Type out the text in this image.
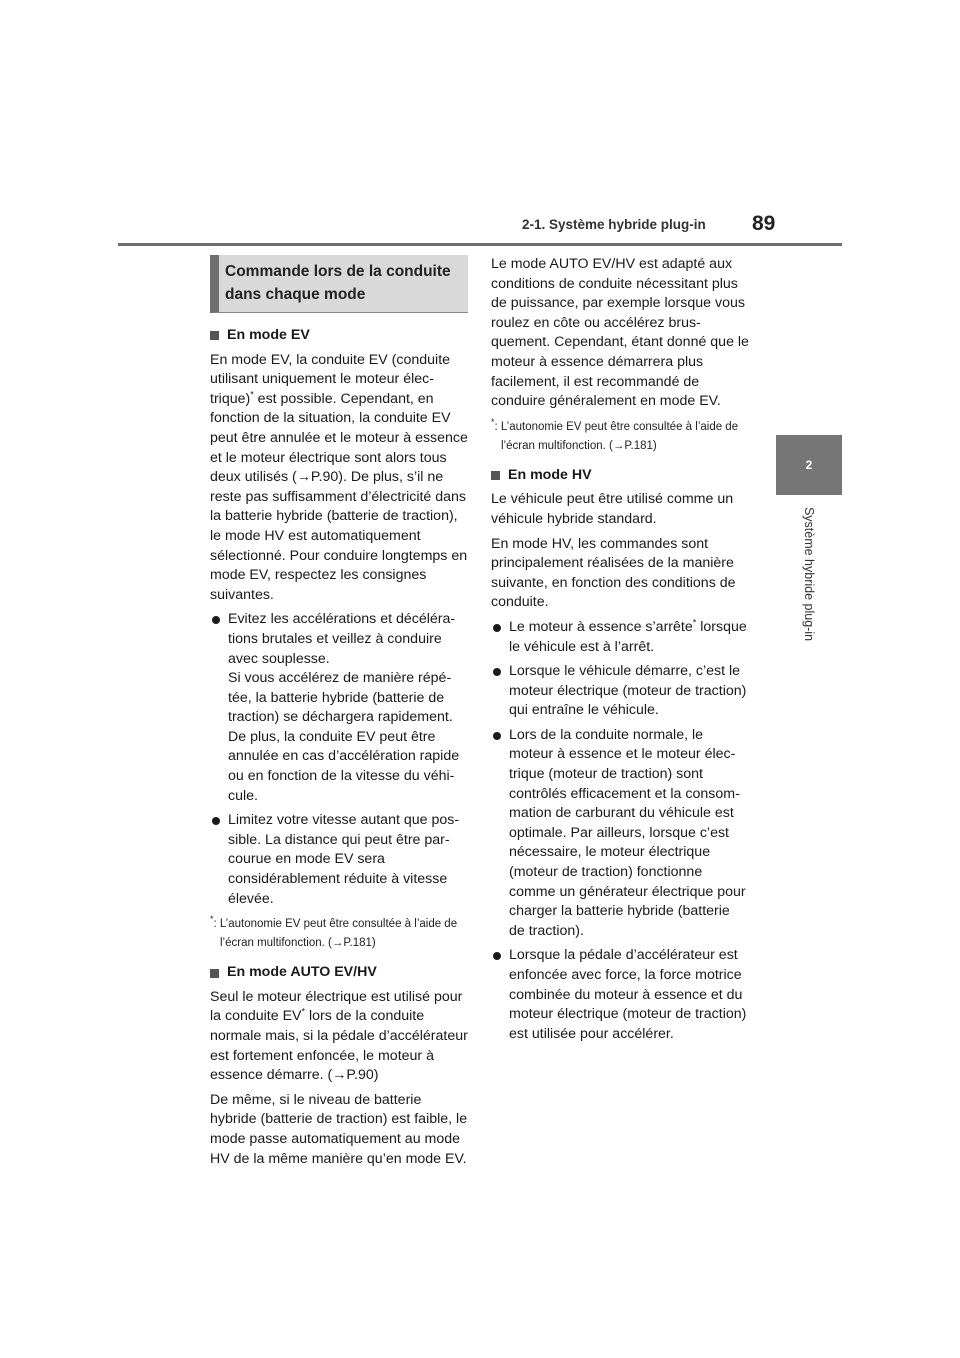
2-1. Système hybride plug-in 89
2
Système hybride plug-in
Commande lors de la conduite
dans chaque mode
En mode EV
En mode EV, la conduite EV (conduite utilisant uniquement le moteur électrique)* est possible. Cependant, en fonction de la situation, la conduite EV peut être annulée et le moteur à essence et le moteur électrique sont alors tous deux utilisés (→P.90). De plus, s’il ne reste pas suffisamment d’électricité dans la batterie hybride (batterie de traction), le mode HV est automatiquement sélectionné. Pour conduire longtemps en mode EV, respectez les consignes suivantes.
Evitez les accélérations et décélérations brutales et veillez à conduire avec souplesse.
Si vous accélérez de manière répétée, la batterie hybride (batterie de traction) se déchargera rapidement. De plus, la conduite EV peut être annulée en cas d’accélération rapide ou en fonction de la vitesse du véhicule.
Limitez votre vitesse autant que possible. La distance qui peut être parcourue en mode EV sera considérablement réduite à vitesse élevée.
*: L’autonomie EV peut être consultée à l’aide de l’écran multifonction. (→P.181)
En mode AUTO EV/HV
Seul le moteur électrique est utilisé pour la conduite EV* lors de la conduite normale mais, si la pédale d’accélérateur est fortement enfoncée, le moteur à essence démarre. (→P.90)
De même, si le niveau de batterie hybride (batterie de traction) est faible, le mode passe automatiquement au mode HV de la même manière qu’en mode EV.
Le mode AUTO EV/HV est adapté aux conditions de conduite nécessitant plus de puissance, par exemple lorsque vous roulez en côte ou accélérez brusquement. Cependant, étant donné que le moteur à essence démarrera plus facilement, il est recommandé de conduire généralement en mode EV.
*: L’autonomie EV peut être consultée à l’aide de l’écran multifonction. (→P.181)
En mode HV
Le véhicule peut être utilisé comme un véhicule hybride standard.
En mode HV, les commandes sont principalement réalisées de la manière suivante, en fonction des conditions de conduite.
Le moteur à essence s’arrête* lorsque le véhicule est à l’arrêt.
Lorsque le véhicule démarre, c’est le moteur électrique (moteur de traction) qui entraîne le véhicule.
Lors de la conduite normale, le moteur à essence et le moteur électrique (moteur de traction) sont contrôlés efficacement et la consommation de carburant du véhicule est optimale. Par ailleurs, lorsque c’est nécessaire, le moteur électrique (moteur de traction) fonctionne comme un générateur électrique pour charger la batterie hybride (batterie de traction).
Lorsque la pédale d’accélérateur est enfoncée avec force, la force motrice combinée du moteur à essence et du moteur électrique (moteur de traction) est utilisée pour accélérer.
